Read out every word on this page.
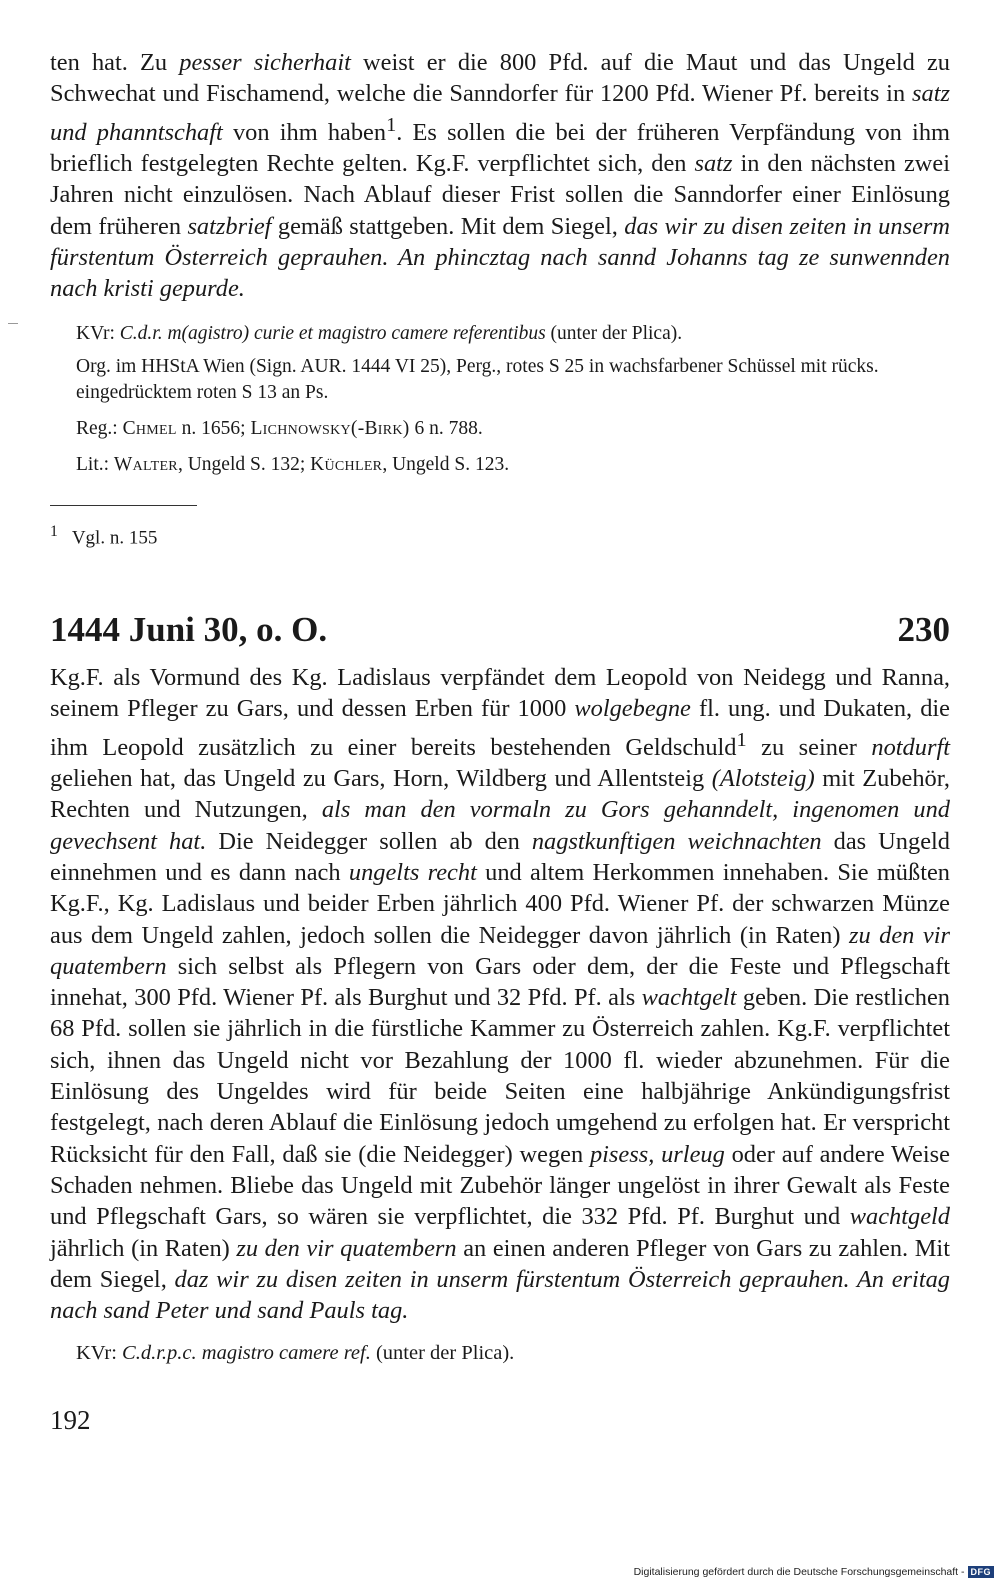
ten hat. Zu pesser sicherhait weist er die 800 Pfd. auf die Maut und das Ungeld zu Schwechat und Fischamend, welche die Sanndorfer für 1200 Pfd. Wiener Pf. bereits in satz und phanntschaft von ihm haben$^1$. Es sollen die bei der früheren Verpfändung von ihm brieflich festgelegten Rechte gelten. Kg.F. verpflichtet sich, den satz in den nächsten zwei Jahren nicht einzulösen. Nach Ablauf dieser Frist sollen die Sanndorfer einer Einlösung dem früheren satzbrief gemäß stattgeben. Mit dem Siegel, das wir zu disen zeiten in unserm fürstentum Österreich geprauhen. An phincztag nach sannd Johanns tag ze sunwennden nach kristi gepurde.

KVr: C.d.r. m(agistro) curie et magistro camere referentibus (unter der Plica).

Org. im HHStA Wien (Sign. AUR. 1444 VI 25), Perg., rotes S 25 in wachsfarbener Schüssel mit rücks. eingedrücktem roten S 13 an Ps.

Reg.: Chmel n. 1656; Lichnowsky(-Birk) 6 n. 788.

Lit.: Walter, Ungeld S. 132; Küchler, Ungeld S. 123.

$^1$   Vgl. n. 155
1444 Juni 30, o. O.	230

Kg.F. als Vormund des Kg. Ladislaus verpfändet dem Leopold von Neidegg und Ranna, seinem Pfleger zu Gars, und dessen Erben für 1000 wolgebegne fl. ung. und Dukaten, die ihm Leopold zusätzlich zu einer bereits bestehenden Geldschuld$^1$ zu seiner notdurft geliehen hat, das Ungeld zu Gars, Horn, Wildberg und Allentsteig (Alotsteig) mit Zubehör, Rechten und Nutzungen, als man den vormaln zu Gors gehanndelt, ingenomen und gevechsent hat. Die Neidegger sollen ab den nagstkunftigen weichnachten das Ungeld einnehmen und es dann nach ungelts recht und altem Herkommen innehaben. Sie müßten Kg.F., Kg. Ladislaus und beider Erben jährlich 400 Pfd. Wiener Pf. der schwarzen Münze aus dem Ungeld zahlen, jedoch sollen die Neidegger davon jährlich (in Raten) zu den vir quatembern sich selbst als Pflegern von Gars oder dem, der die Feste und Pflegschaft innehat, 300 Pfd. Wiener Pf. als Burghut und 32 Pfd. Pf. als wachtgelt geben. Die restlichen 68 Pfd. sollen sie jährlich in die fürstliche Kammer zu Österreich zahlen. Kg.F. verpflichtet sich, ihnen das Ungeld nicht vor Bezahlung der 1000 fl. wieder abzunehmen. Für die Einlösung des Ungeldes wird für beide Seiten eine halbjährige Ankündigungsfrist festgelegt, nach deren Ablauf die Einlösung jedoch umgehend zu erfolgen hat. Er verspricht Rücksicht für den Fall, daß sie (die Neidegger) wegen pisess, urleug oder auf andere Weise Schaden nehmen. Bliebe das Ungeld mit Zubehör länger ungelöst in ihrer Gewalt als Feste und Pflegschaft Gars, so wären sie verpflichtet, die 332 Pfd. Pf. Burghut und wachtgeld jährlich (in Raten) zu den vir quatembern an einen anderen Pfleger von Gars zu zahlen. Mit dem Siegel, daz wir zu disen zeiten in unserm fürstentum Österreich geprauhen. An eritag nach sand Peter und sand Pauls tag.

KVr: C.d.r.p.c. magistro camere ref. (unter der Plica).

192
Digitalisierung gefördert durch die Deutsche Forschungsgemeinschaft - DFG
